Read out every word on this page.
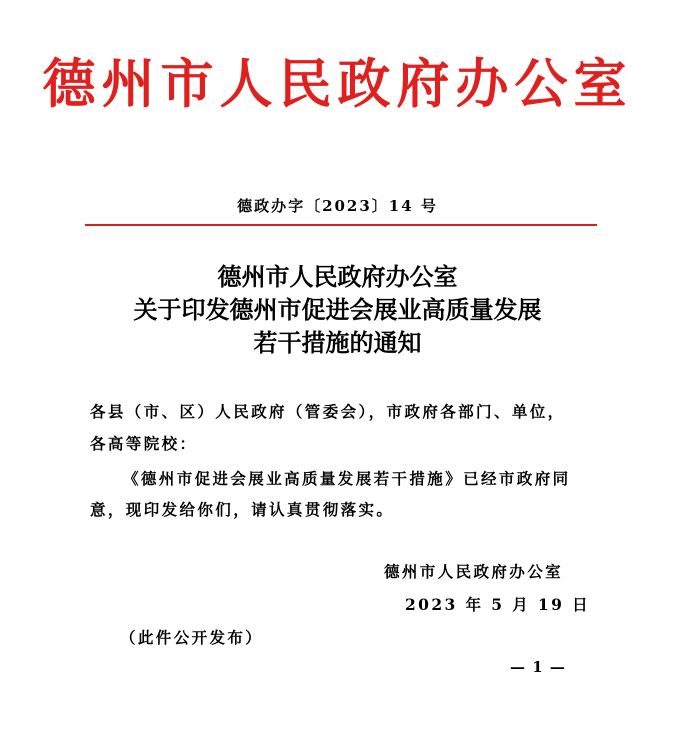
德州市人民政府办公室
德政办字〔2023〕14 号
德州市人民政府办公室
关于印发德州市促进会展业高质量发展
若干措施的通知
各县（市、区）人民政府（管委会），市政府各部门、单位，
各高等院校：
《德州市促进会展业高质量发展若干措施》已经市政府同
意，现印发给你们，请认真贯彻落实。
德州市人民政府办公室
2023 年 5 月 19 日
（此件公开发布）
— 1 —
